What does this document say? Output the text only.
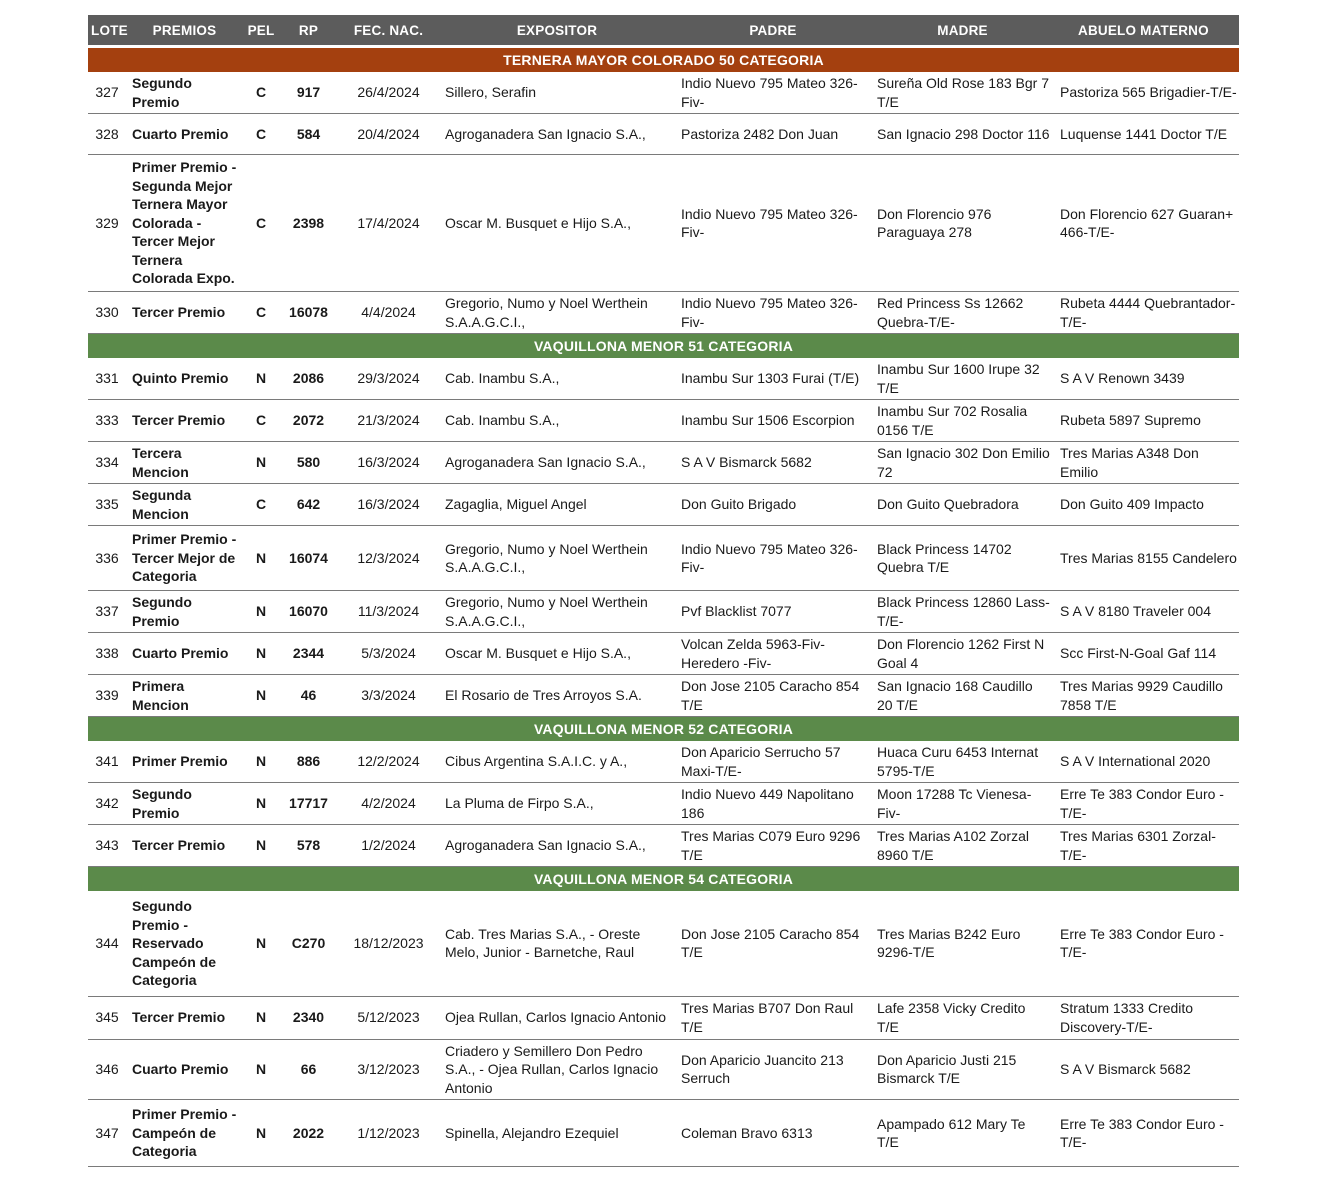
LOTE	PREMIOS	PEL	RP	FEC. NAC.	EXPOSITOR	PADRE	MADRE	ABUELO MATERNO

TERNERA MAYOR COLORADO 50 CATEGORIA								
327	Segundo Premio	C	917	26/4/2024	Sillero, Serafin	Indio Nuevo 795 Mateo 326-Fiv-	Sureña Old Rose 183 Bgr 7 T/E	Pastoriza 565 Brigadier-T/E-
328	Cuarto Premio	C	584	20/4/2024	Agroganadera San Ignacio S.A.,	Pastoriza 2482 Don Juan	San Ignacio 298 Doctor 116	Luquense 1441 Doctor T/E
329	Primer Premio - Segunda Mejor Ternera Mayor Colorada - Tercer Mejor Ternera Colorada Expo.	C	2398	17/4/2024	Oscar M. Busquet e Hijo S.A.,	Indio Nuevo 795 Mateo 326-Fiv-	Don Florencio 976 Paraguaya 278	Don Florencio 627 Guaran+ 466-T/E-
330	Tercer Premio	C	16078	4/4/2024	Gregorio, Numo y Noel Werthein S.A.A.G.C.I.,	Indio Nuevo 795 Mateo 326-Fiv-	Red Princess Ss 12662 Quebra-T/E-	Rubeta 4444 Quebrantador-T/E-
VAQUILLONA MENOR 51 CATEGORIA								
331	Quinto Premio	N	2086	29/3/2024	Cab. Inambu S.A.,	Inambu Sur 1303 Furai (T/E)	Inambu Sur 1600 Irupe 32 T/E	S A V Renown 3439
333	Tercer Premio	C	2072	21/3/2024	Cab. Inambu S.A.,	Inambu Sur 1506 Escorpion	Inambu Sur 702 Rosalia 0156 T/E	Rubeta 5897 Supremo
334	Tercera Mencion	N	580	16/3/2024	Agroganadera San Ignacio S.A.,	S A V Bismarck 5682	San Ignacio 302 Don Emilio 72	Tres Marias A348 Don Emilio
335	Segunda Mencion	C	642	16/3/2024	Zagaglia, Miguel Angel	Don Guito Brigado	Don Guito Quebradora	Don Guito 409 Impacto
336	Primer Premio - Tercer Mejor de Categoria	N	16074	12/3/2024	Gregorio, Numo y Noel Werthein S.A.A.G.C.I.,	Indio Nuevo 795 Mateo 326-Fiv-	Black Princess 14702 Quebra T/E	Tres Marias 8155 Candelero
337	Segundo Premio	N	16070	11/3/2024	Gregorio, Numo y Noel Werthein S.A.A.G.C.I.,	Pvf Blacklist 7077	Black Princess 12860 Lass-T/E-	S A V 8180 Traveler 004
338	Cuarto Premio	N	2344	5/3/2024	Oscar M. Busquet e Hijo S.A.,	Volcan Zelda 5963-Fiv-Heredero -Fiv-	Don Florencio 1262 First N Goal 4	Scc First-N-Goal Gaf 114
339	Primera Mencion	N	46	3/3/2024	El Rosario de Tres Arroyos S.A.	Don Jose 2105 Caracho 854 T/E	San Ignacio 168 Caudillo 20 T/E	Tres Marias 9929 Caudillo 7858 T/E
VAQUILLONA MENOR 52 CATEGORIA								
341	Primer Premio	N	886	12/2/2024	Cibus Argentina S.A.I.C. y A.,	Don Aparicio Serrucho 57 Maxi-T/E-	Huaca Curu 6453 Internat 5795-T/E	S A V International 2020
342	Segundo Premio	N	17717	4/2/2024	La Pluma de Firpo S.A.,	Indio Nuevo 449 Napolitano 186	Moon 17288 Tc Vienesa-Fiv-	Erre Te 383 Condor Euro -T/E-
343	Tercer Premio	N	578	1/2/2024	Agroganadera San Ignacio S.A.,	Tres Marias C079 Euro 9296 T/E	Tres Marias A102 Zorzal 8960 T/E	Tres Marias 6301 Zorzal-T/E-
VAQUILLONA MENOR 54 CATEGORIA								
344	Segundo Premio - Reservado Campeón de Categoria	N	C270	18/12/2023	Cab. Tres Marias S.A., - Oreste Melo, Junior - Barnetche, Raul	Don Jose 2105 Caracho 854 T/E	Tres Marias B242 Euro 9296-T/E	Erre Te 383 Condor Euro -T/E-
345	Tercer Premio	N	2340	5/12/2023	Ojea Rullan, Carlos Ignacio Antonio	Tres Marias B707 Don Raul T/E	Lafe 2358 Vicky Credito T/E	Stratum 1333 Credito Discovery-T/E-
346	Cuarto Premio	N	66	3/12/2023	Criadero y Semillero Don Pedro S.A., - Ojea Rullan, Carlos Ignacio Antonio	Don Aparicio Juancito 213 Serruch	Don Aparicio Justi 215 Bismarck T/E	S A V Bismarck 5682
347	Primer Premio - Campeón de Categoria	N	2022	1/12/2023	Spinella, Alejandro Ezequiel	Coleman Bravo 6313	Apampado 612 Mary Te T/E	Erre Te 383 Condor Euro -T/E-
